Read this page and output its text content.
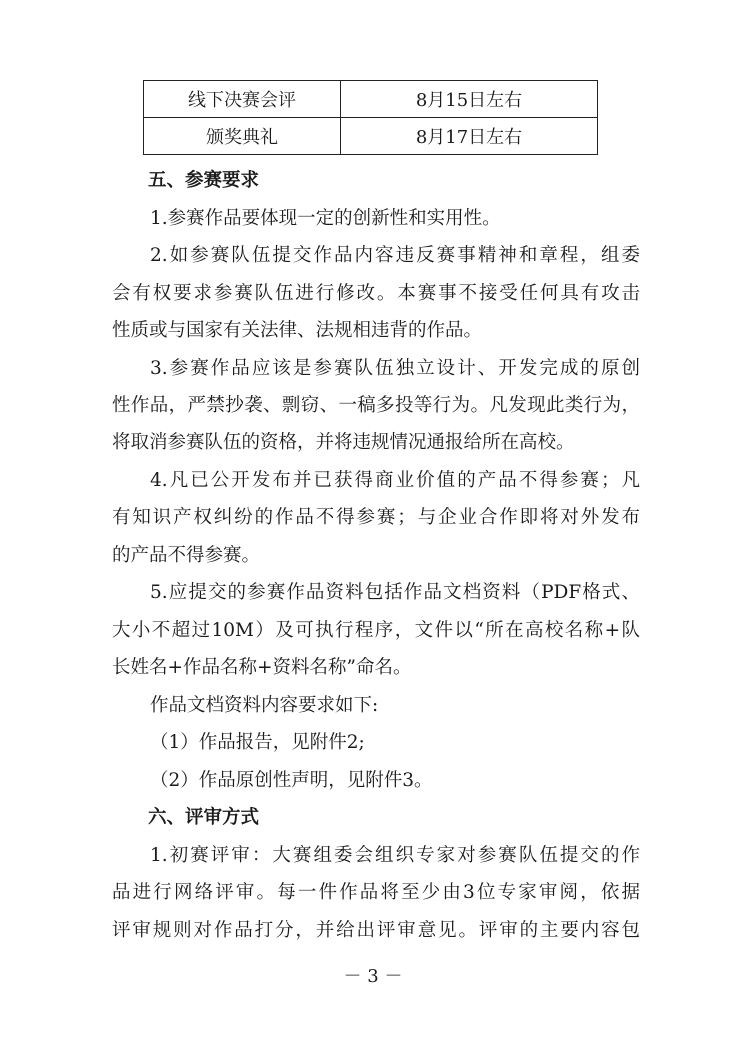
线下决赛会评	8月15日左右
颁奖典礼	8月17日左右
五、参赛要求
1.参赛作品要体现一定的创新性和实用性。
2.如参赛队伍提交作品内容违反赛事精神和章程，组委
会有权要求参赛队伍进行修改。本赛事不接受任何具有攻击
性质或与国家有关法律、法规相违背的作品。
3.参赛作品应该是参赛队伍独立设计、开发完成的原创
性作品，严禁抄袭、剽窃、一稿多投等行为。凡发现此类行为，
将取消参赛队伍的资格，并将违规情况通报给所在高校。
4.凡已公开发布并已获得商业价值的产品不得参赛；凡
有知识产权纠纷的作品不得参赛；与企业合作即将对外发布
的产品不得参赛。
5.应提交的参赛作品资料包括作品文档资料（PDF格式、
大小不超过10M）及可执行程序，文件以“所在高校名称+队
长姓名+作品名称+资料名称”命名。
作品文档资料内容要求如下:
（1）作品报告，见附件2;
（2）作品原创性声明，见附件3。
六、评审方式
1.初赛评审：大赛组委会组织专家对参赛队伍提交的作
品进行网络评审。每一件作品将至少由3位专家审阅，依据
评审规则对作品打分，并给出评审意见。评审的主要内容包
－ 3 －
